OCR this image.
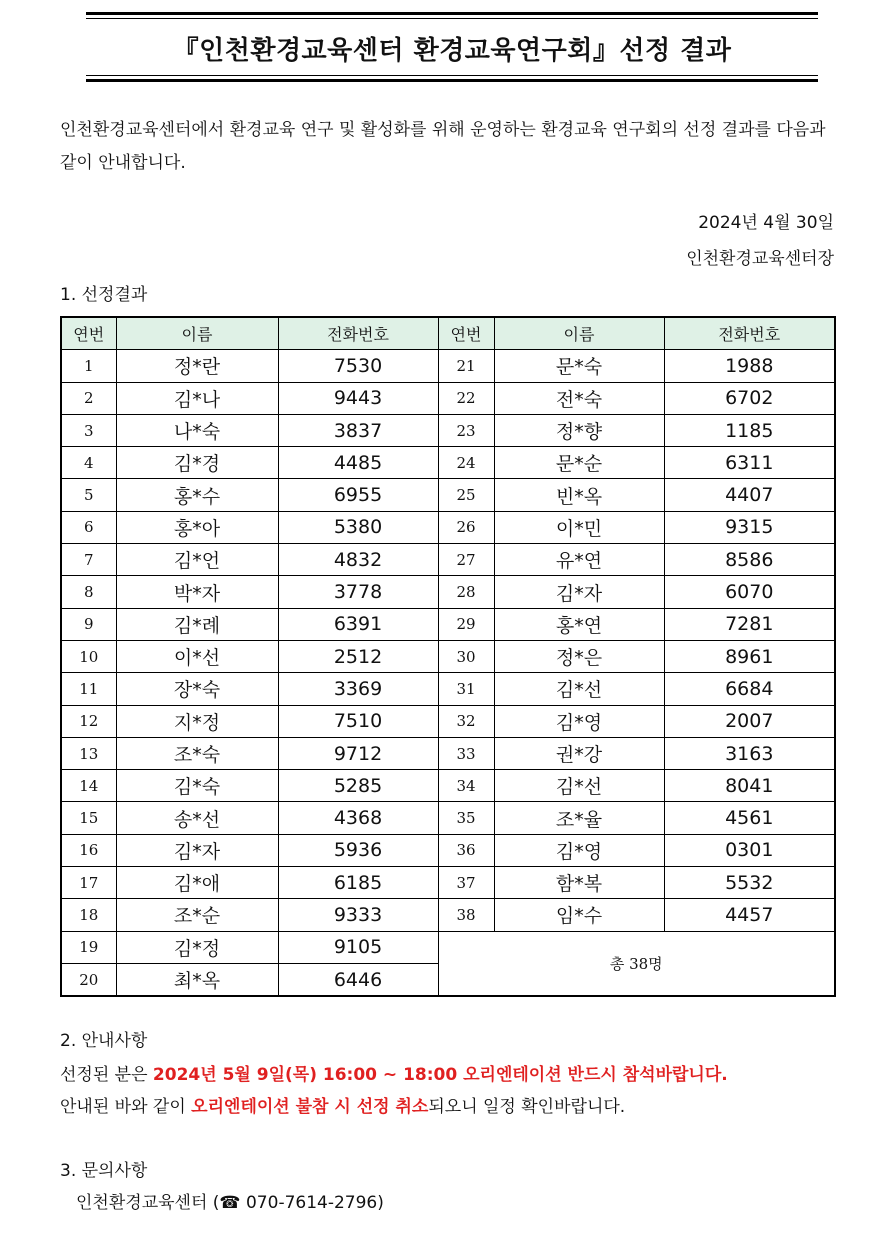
『인천환경교육센터 환경교육연구회』선정 결과
인천환경교육센터에서 환경교육 연구 및 활성화를 위해 운영하는 환경교육 연구회의 선정 결과를 다음과 같이 안내합니다.
2024년 4월 30일
인천환경교육센터장
1. 선정결과
연번	이름	전화번호	연번	이름	전화번호
1	정*란	7530	21	문*숙	1988
2	김*나	9443	22	전*숙	6702
3	나*숙	3837	23	정*향	1185
4	김*경	4485	24	문*순	6311
5	홍*수	6955	25	빈*옥	4407
6	홍*아	5380	26	이*민	9315
7	김*언	4832	27	유*연	8586
8	박*자	3778	28	김*자	6070
9	김*례	6391	29	홍*연	7281
10	이*선	2512	30	정*은	8961
11	장*숙	3369	31	김*선	6684
12	지*정	7510	32	김*영	2007
13	조*숙	9712	33	권*강	3163
14	김*숙	5285	34	김*선	8041
15	송*선	4368	35	조*율	4561
16	김*자	5936	36	김*영	0301
17	김*애	6185	37	함*복	5532
18	조*순	9333	38	임*수	4457
19	김*정	9105	총 38명		
20	최*옥	6446			
2. 안내사항
선정된 분은 2024년 5월 9일(목) 16:00 ~ 18:00 오리엔테이션 반드시 참석바랍니다.
안내된 바와 같이 오리엔테이션 불참 시 선정 취소되오니 일정 확인바랍니다.
3. 문의사항
인천환경교육센터 (☎ 070-7614-2796)
